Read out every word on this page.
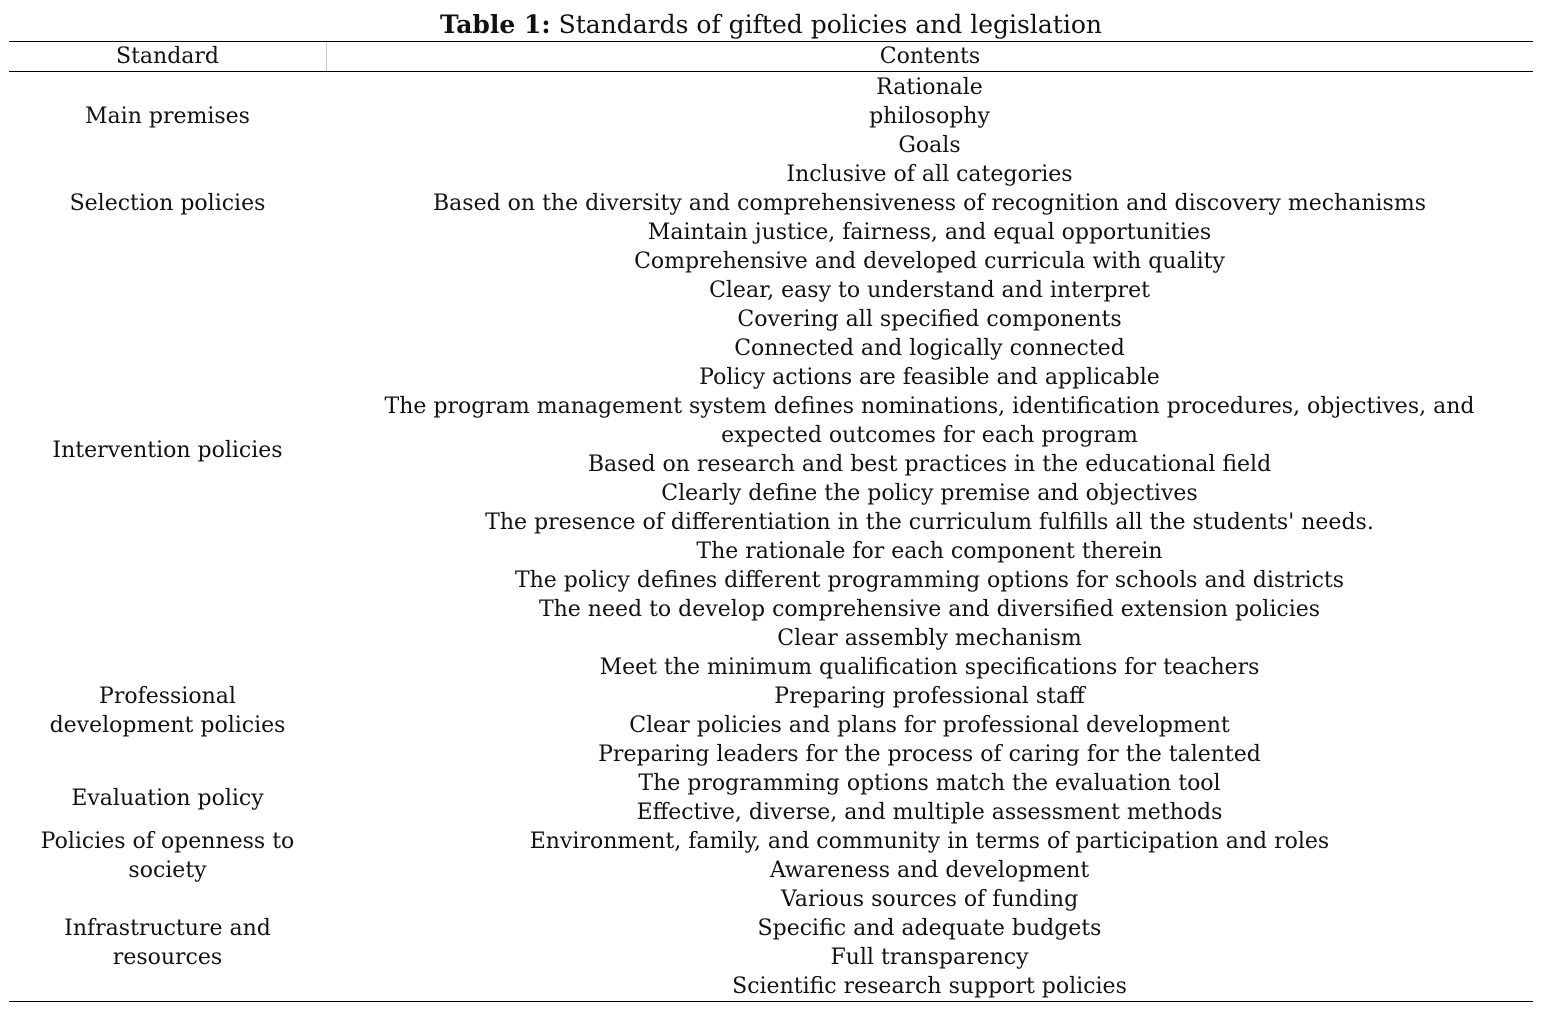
Table 1: Standards of gifted policies and legislation
Standard	Contents
Main premises
Rationale
philosophy
Goals
Selection policies
Inclusive of all categories
Based on the diversity and comprehensiveness of recognition and discovery mechanisms
Maintain justice, fairness, and equal opportunities
Intervention policies
Comprehensive and developed curricula with quality
Clear, easy to understand and interpret
Covering all specified components
Connected and logically connected
Policy actions are feasible and applicable
The program management system defines nominations, identification procedures, objectives, and expected outcomes for each program
Based on research and best practices in the educational field
Clearly define the policy premise and objectives
The presence of differentiation in the curriculum fulfills all the students' needs.
The rationale for each component therein
The policy defines different programming options for schools and districts
The need to develop comprehensive and diversified extension policies
Clear assembly mechanism
Professional development policies
Meet the minimum qualification specifications for teachers
Preparing professional staff
Clear policies and plans for professional development
Preparing leaders for the process of caring for the talented
Evaluation policy
The programming options match the evaluation tool
Effective, diverse, and multiple assessment methods
Policies of openness to society
Environment, family, and community in terms of participation and roles
Awareness and development
Infrastructure and resources
Various sources of funding
Specific and adequate budgets
Full transparency
Scientific research support policies
